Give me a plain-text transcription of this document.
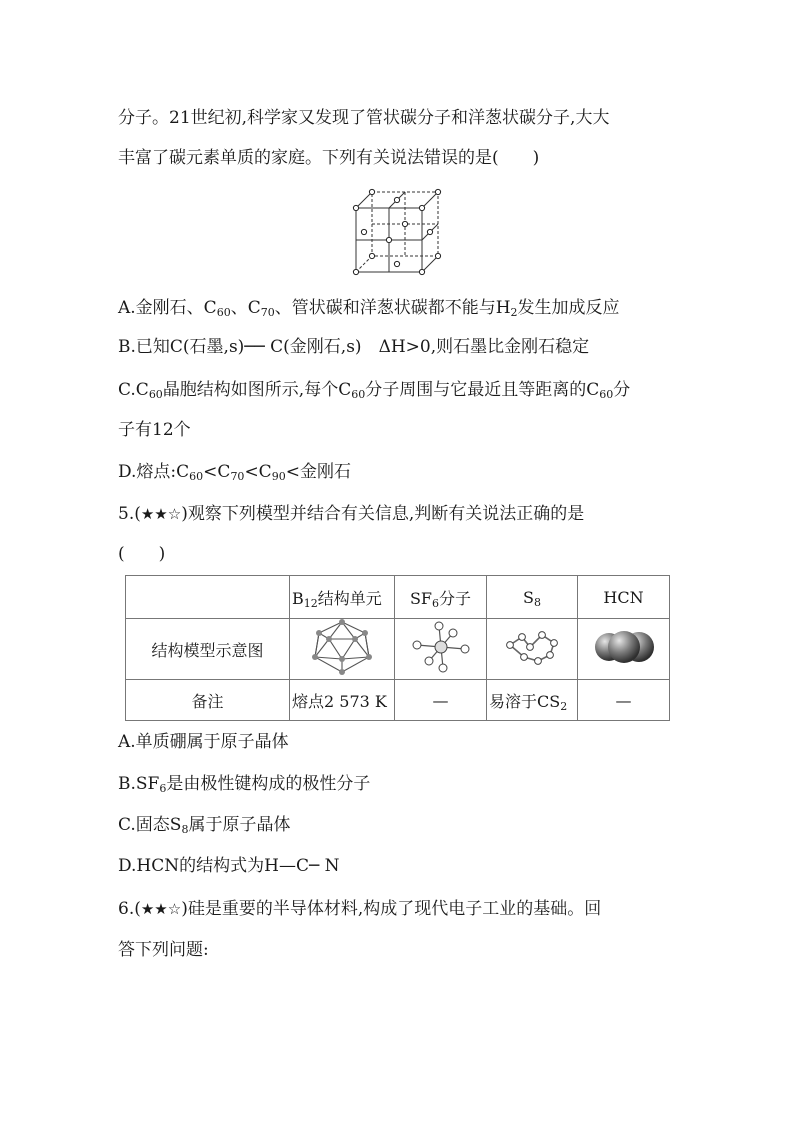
分子。21世纪初,科学家又发现了管状碳分子和洋葱状碳分子,大大
丰富了碳元素单质的家庭。下列有关说法错误的是(　　)
A.金刚石、$C_{60}$、$C_{70}$、管状碳和洋葱状碳都不能与$H_2$发生加成反应
B.已知C(石墨,s)── C(金刚石,s)　ΔH>0,则石墨比金刚石稳定
$C.C_{60}$晶胞结构如图所示,每个$C_{60}$分子周围与它最近且等距离的$C_{60}$分
子有12个
D.熔点$:C_{60}<C_{70}<C_{90}<$金刚石
5.(★★☆)观察下列模型并结合有关信息,判断有关说法正确的是
(　　)
	$B_{12}$结构单元	$SF_6$分子	$S_8$	HCN
结构模型示意图				
备注	熔点2 573 K	—	易溶于$CS_2$	—
A.单质硼属于原子晶体
$B.SF_6$是由极性键构成的极性分子
C.固态$S_8$属于原子晶体
D.HCN的结构式为H—C─ N
6.(★★☆)硅是重要的半导体材料,构成了现代电子工业的基础。回
答下列问题:
